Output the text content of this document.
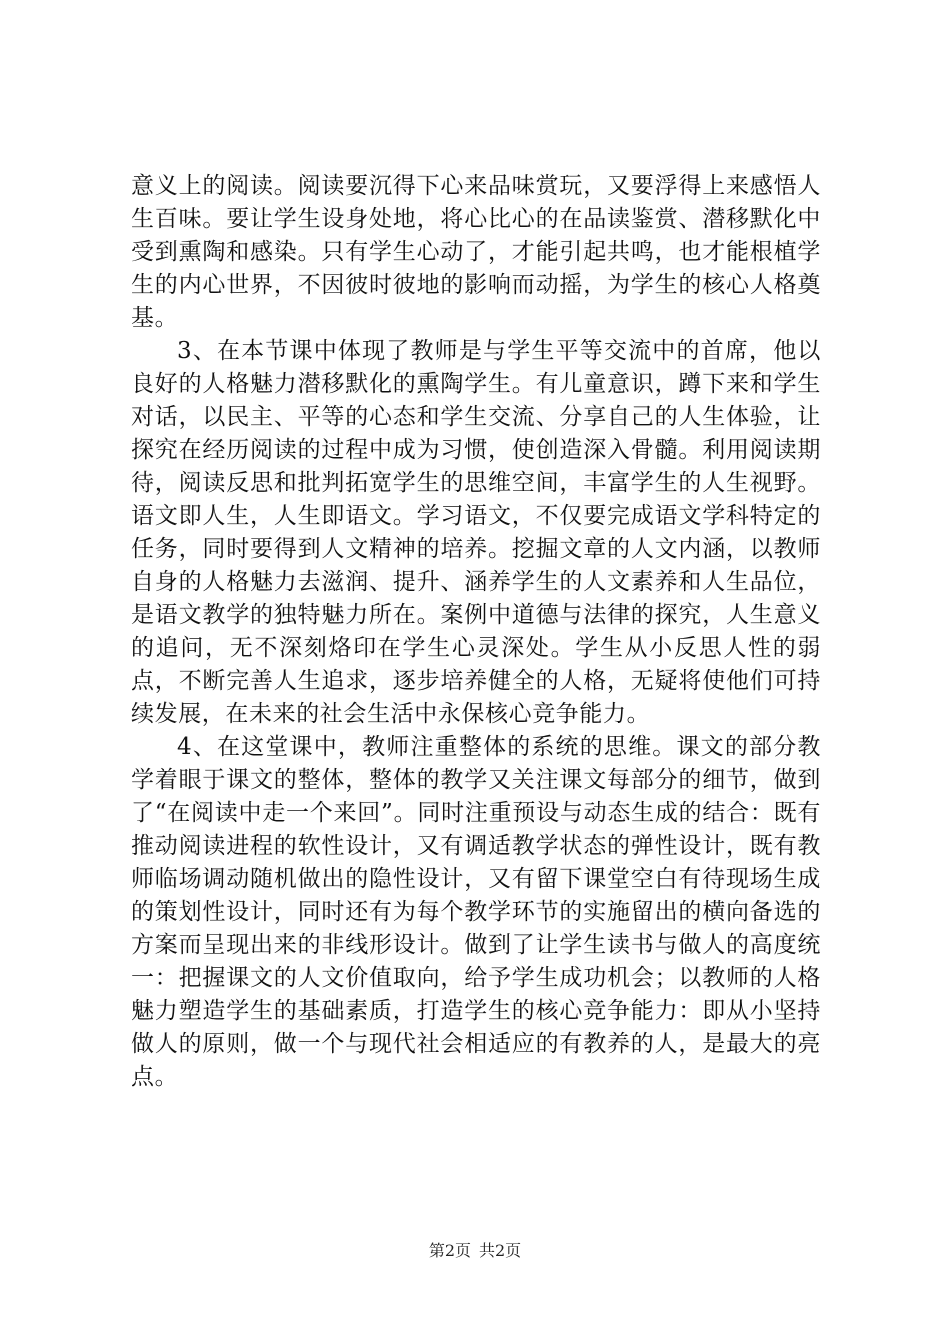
意义上的阅读。阅读要沉得下心来品味赏玩，又要浮得上来感悟人生百味。要让学生设身处地，将心比心的在品读鉴赏、潜移默化中受到熏陶和感染。只有学生心动了，才能引起共鸣，也才能根植学生的内心世界，不因彼时彼地的影响而动摇，为学生的核心人格奠基。

3、在本节课中体现了教师是与学生平等交流中的首席，他以良好的人格魅力潜移默化的熏陶学生。有儿童意识，蹲下来和学生对话，以民主、平等的心态和学生交流、分享自己的人生体验，让探究在经历阅读的过程中成为习惯，使创造深入骨髓。利用阅读期待，阅读反思和批判拓宽学生的思维空间，丰富学生的人生视野。语文即人生，人生即语文。学习语文，不仅要完成语文学科特定的任务，同时要得到人文精神的培养。挖掘文章的人文内涵，以教师自身的人格魅力去滋润、提升、涵养学生的人文素养和人生品位，是语文教学的独特魅力所在。案例中道德与法律的探究，人生意义的追问，无不深刻烙印在学生心灵深处。学生从小反思人性的弱点，不断完善人生追求，逐步培养健全的人格，无疑将使他们可持续发展，在未来的社会生活中永保核心竞争能力。

4、在这堂课中，教师注重整体的系统的思维。课文的部分教学着眼于课文的整体，整体的教学又关注课文每部分的细节，做到了“在阅读中走一个来回”。同时注重预设与动态生成的结合：既有推动阅读进程的软性设计，又有调适教学状态的弹性设计，既有教师临场调动随机做出的隐性设计，又有留下课堂空白有待现场生成的策划性设计，同时还有为每个教学环节的实施留出的横向备选的方案而呈现出来的非线形设计。做到了让学生读书与做人的高度统一：把握课文的人文价值取向，给予学生成功机会；以教师的人格魅力塑造学生的基础素质，打造学生的核心竞争能力：即从小坚持做人的原则，做一个与现代社会相适应的有教养的人，是最大的亮点。

第2页 共2页
